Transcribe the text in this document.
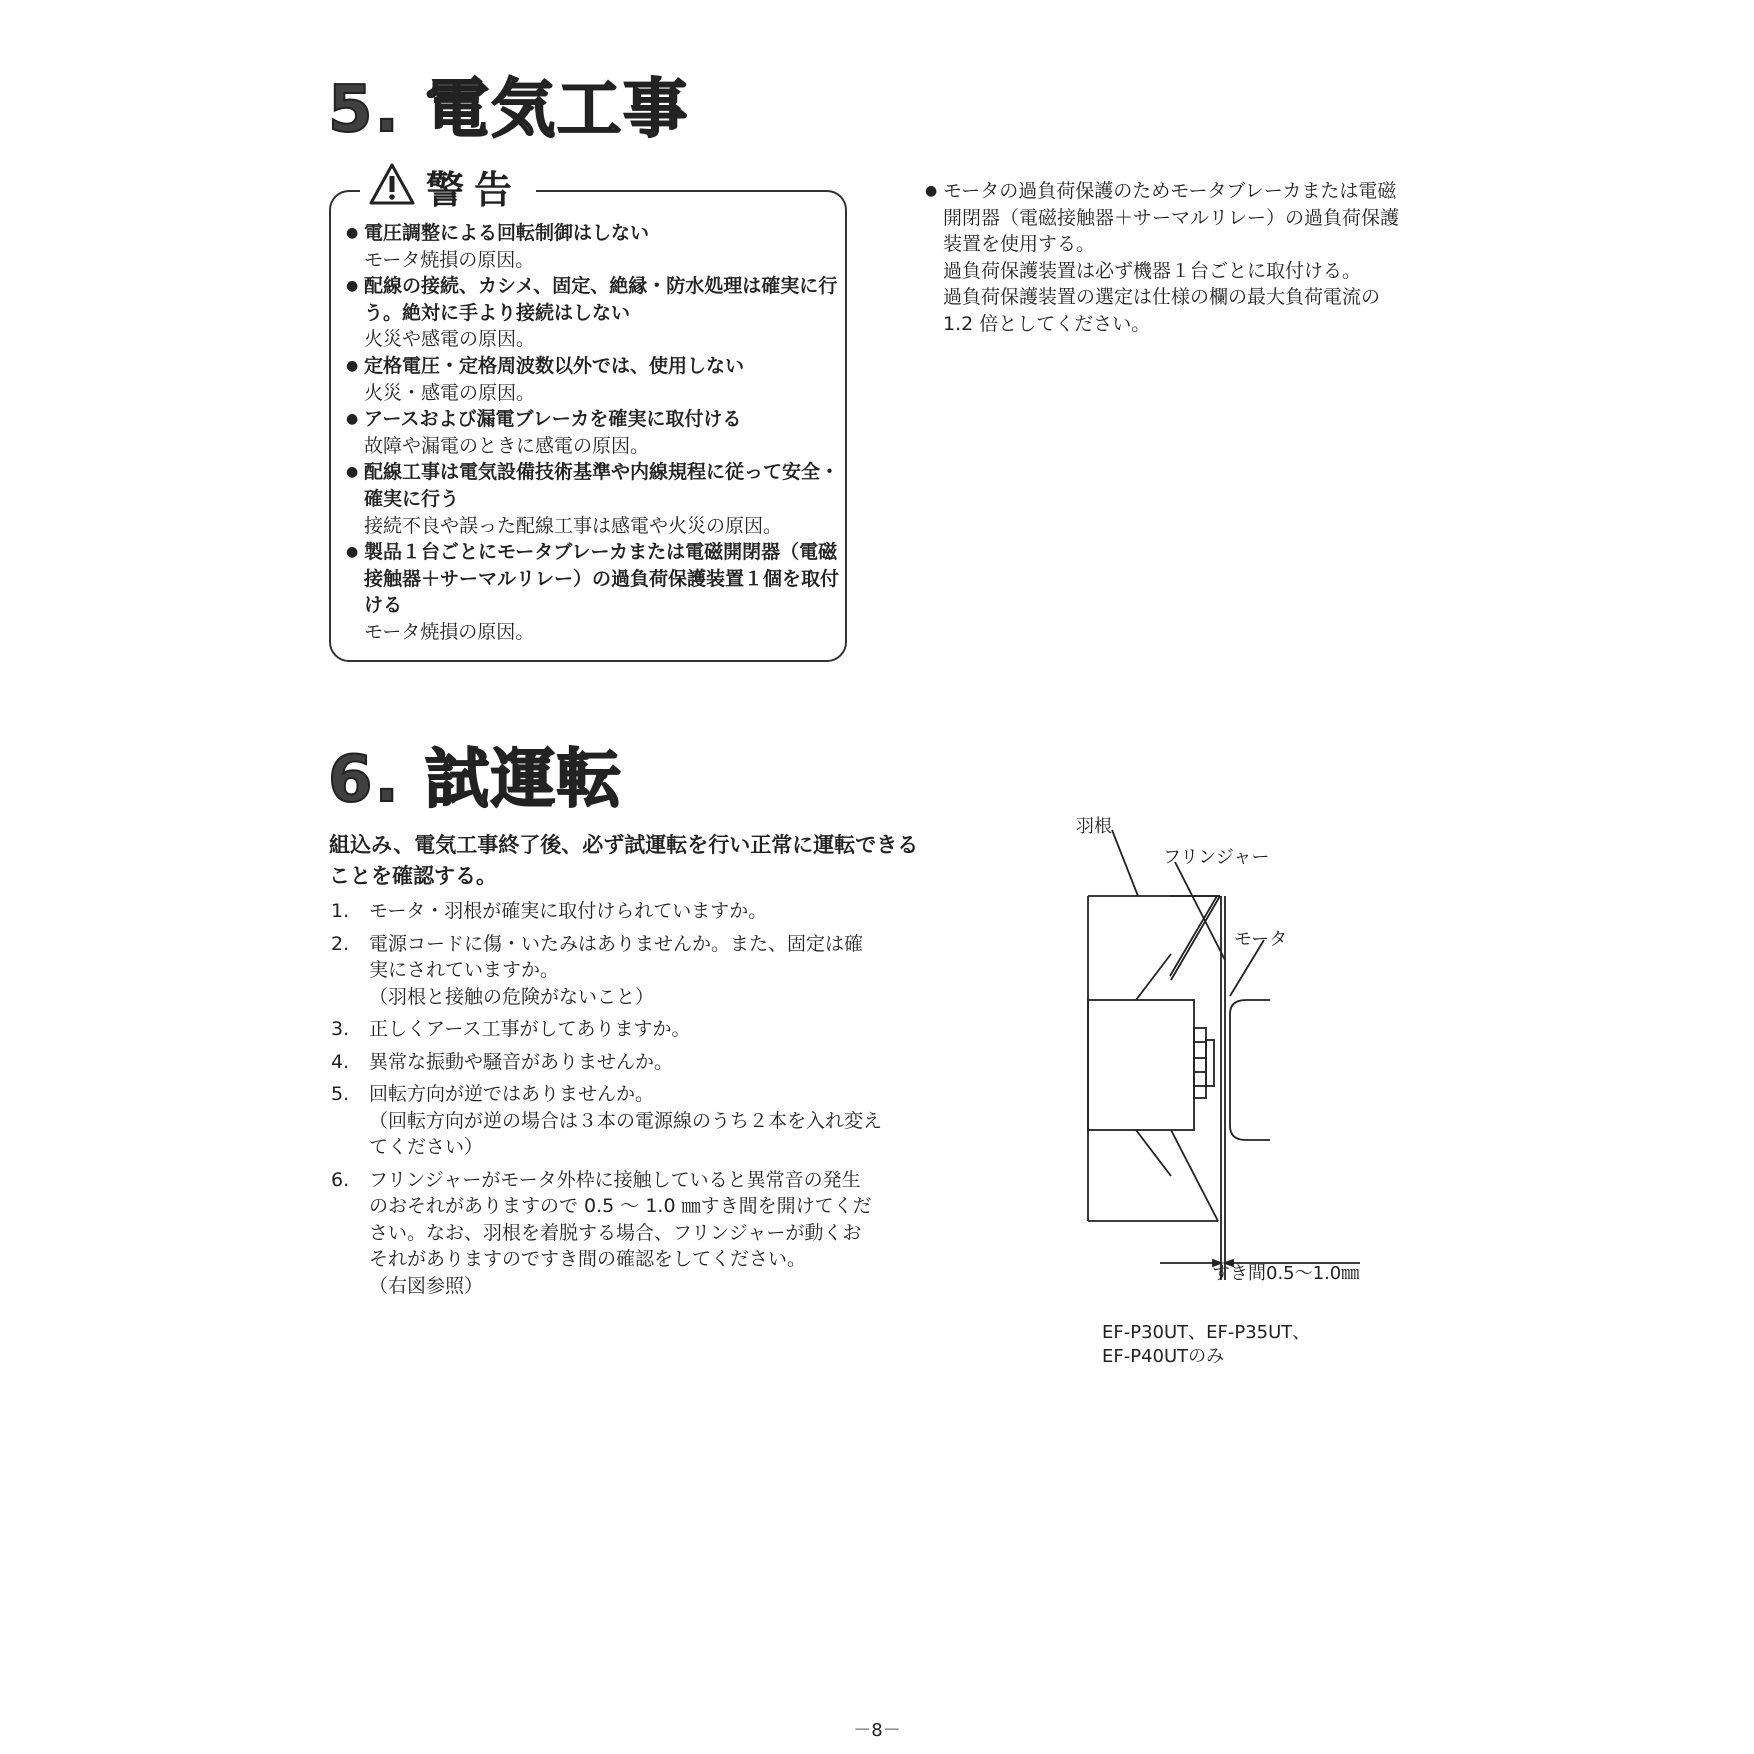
5. 電気工事
警告
● 電圧調整による回転制御はしない
モータ焼損の原因。
● 配線の接続、カシメ、固定、絶縁・防水処理は確実に行う。絶対に手より接続はしない
火災や感電の原因。
● 定格電圧・定格周波数以外では、使用しない
火災・感電の原因。
● アースおよび漏電ブレーカを確実に取付ける
故障や漏電のときに感電の原因。
● 配線工事は電気設備技術基準や内線規程に従って安全・確実に行う
接続不良や誤った配線工事は感電や火災の原因。
● 製品１台ごとにモータブレーカまたは電磁開閉器（電磁接触器＋サーマルリレー）の過負荷保護装置１個を取付ける
モータ焼損の原因。
● モータの過負荷保護のためモータブレーカまたは電磁
開閉器（電磁接触器＋サーマルリレー）の過負荷保護
装置を使用する。
過負荷保護装置は必ず機器１台ごとに取付ける。
過負荷保護装置の選定は仕様の欄の最大負荷電流の
1.2 倍としてください。
6. 試運転
組込み、電気工事終了後、必ず試運転を行い正常に運転できることを確認する。
1.	モータ・羽根が確実に取付けられていますか。
2.	電源コードに傷・いたみはありませんか。また、固定は確
実にされていますか。
（羽根と接触の危険がないこと）
3.	正しくアース工事がしてありますか。
4.	異常な振動や騒音がありませんか。
5.	回転方向が逆ではありませんか。
（回転方向が逆の場合は３本の電源線のうち２本を入れ変え
てください）
6.	フリンジャーがモータ外枠に接触していると異常音の発生
のおそれがありますので 0.5 ～ 1.0 ㎜すき間を開けてくだ
さい。なお、羽根を着脱する場合、フリンジャーが動くお
それがありますのですき間の確認をしてください。
（右図参照）
羽根
フリンジャー
モータ
すき間0.5～1.0㎜
EF-P30UT、EF-P35UT、
EF-P40UTのみ
－8－
